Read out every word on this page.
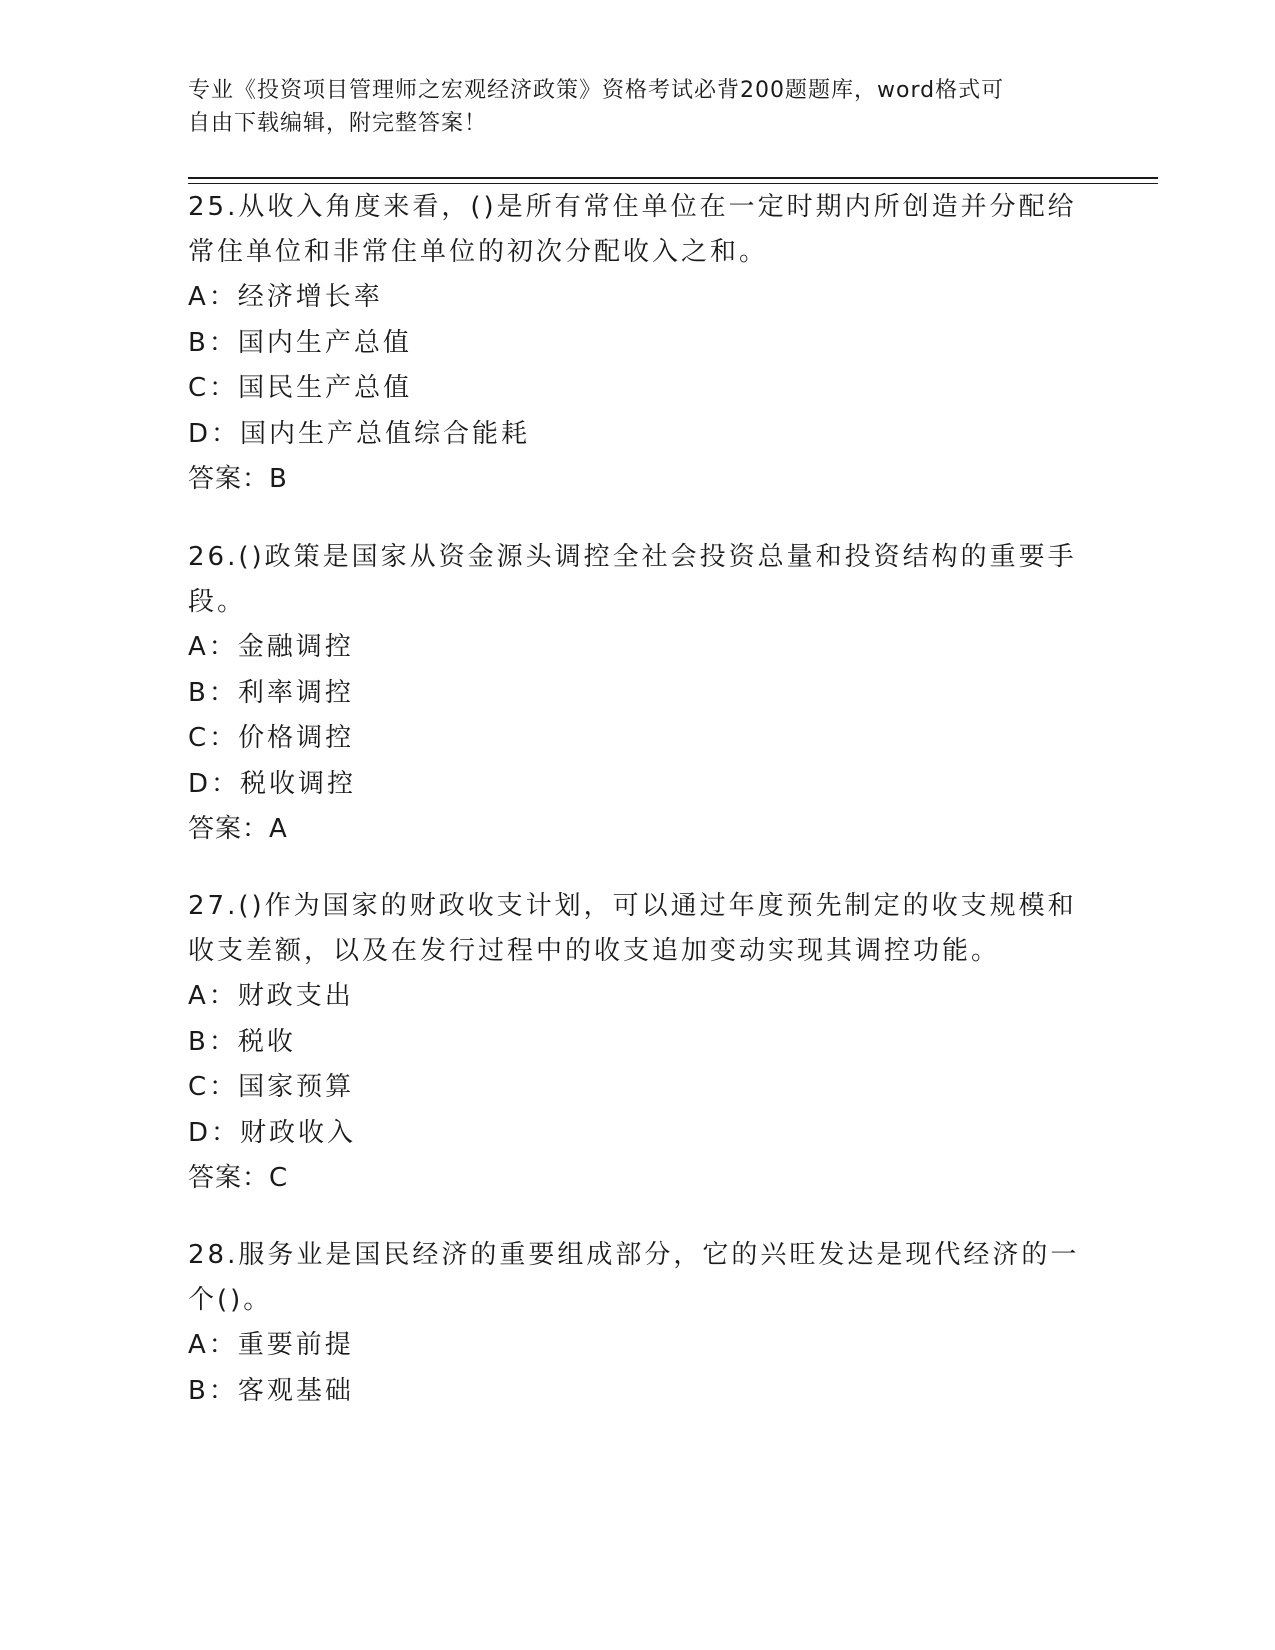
专业《投资项目管理师之宏观经济政策》资格考试必背200题题库，word格式可
自由下载编辑，附完整答案！

25.从收入角度来看，()是所有常住单位在一定时期内所创造并分配给

常住单位和非常住单位的初次分配收入之和。

A：经济增长率

B：国内生产总值

C：国民生产总值

D：国内生产总值综合能耗

答案：B

26.()政策是国家从资金源头调控全社会投资总量和投资结构的重要手

段。

A：金融调控

B：利率调控

C：价格调控

D：税收调控

答案：A

27.()作为国家的财政收支计划，可以通过年度预先制定的收支规模和

收支差额，以及在发行过程中的收支追加变动实现其调控功能。

A：财政支出

B：税收

C：国家预算

D：财政收入

答案：C

28.服务业是国民经济的重要组成部分，它的兴旺发达是现代经济的一

个()。

A：重要前提

B：客观基础
